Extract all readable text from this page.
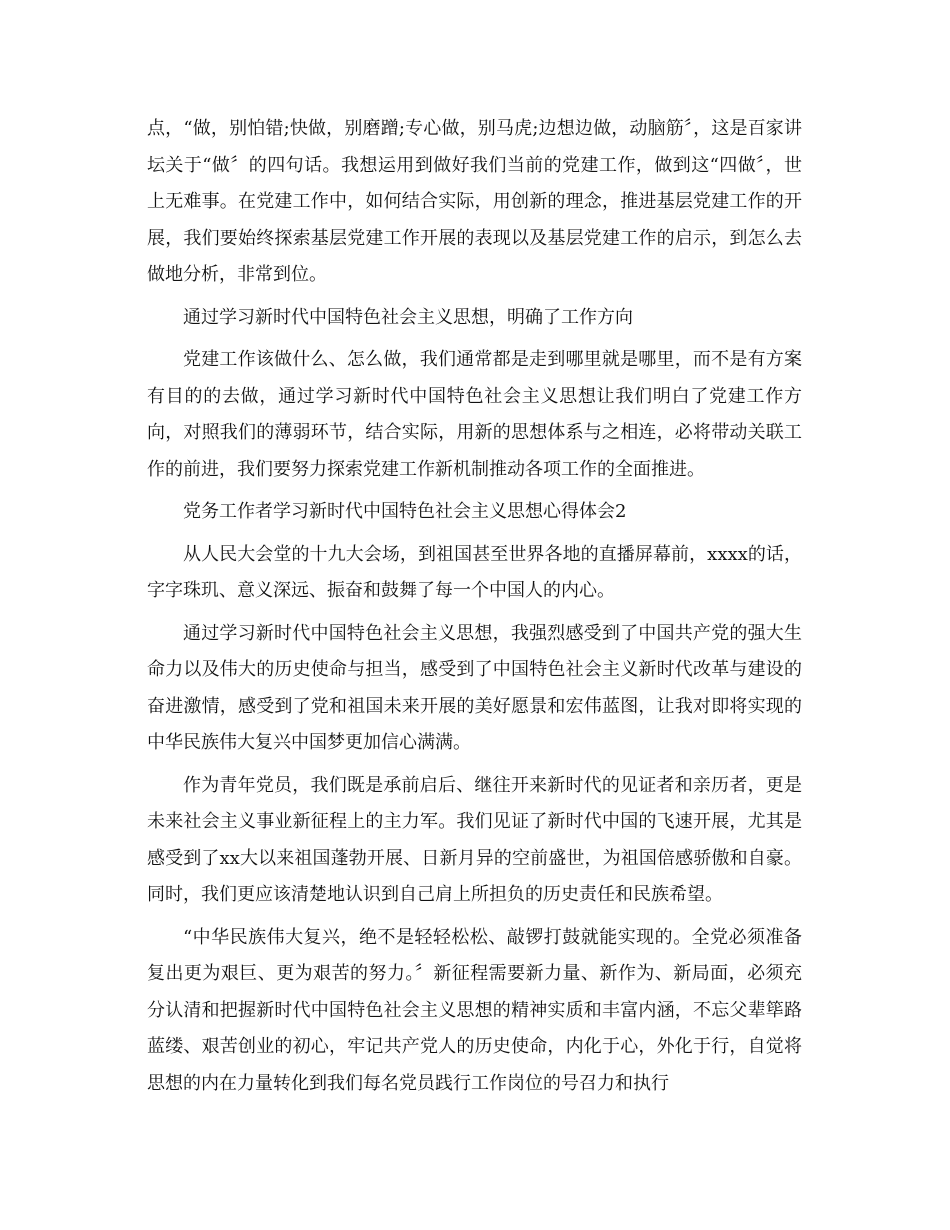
点，“做，别怕错;快做，别磨蹭;专心做，别马虎;边想边做，动脑筋〞，这是百家讲坛关于“做〞的四句话。我想运用到做好我们当前的党建工作，做到这“四做〞，世上无难事。在党建工作中，如何结合实际，用创新的理念，推进基层党建工作的开展，我们要始终探索基层党建工作开展的表现以及基层党建工作的启示，到怎么去做地分析，非常到位。

通过学习新时代中国特色社会主义思想，明确了工作方向

党建工作该做什么、怎么做，我们通常都是走到哪里就是哪里，而不是有方案有目的的去做，通过学习新时代中国特色社会主义思想让我们明白了党建工作方向，对照我们的薄弱环节，结合实际，用新的思想体系与之相连，必将带动关联工作的前进，我们要努力探索党建工作新机制推动各项工作的全面推进。

党务工作者学习新时代中国特色社会主义思想心得体会2

从人民大会堂的十九大会场，到祖国甚至世界各地的直播屏幕前，xxxx的话，字字珠玑、意义深远、振奋和鼓舞了每一个中国人的内心。

通过学习新时代中国特色社会主义思想，我强烈感受到了中国共产党的强大生命力以及伟大的历史使命与担当，感受到了中国特色社会主义新时代改革与建设的奋进激情，感受到了党和祖国未来开展的美好愿景和宏伟蓝图，让我对即将实现的中华民族伟大复兴中国梦更加信心满满。

作为青年党员，我们既是承前启后、继往开来新时代的见证者和亲历者，更是未来社会主义事业新征程上的主力军。我们见证了新时代中国的飞速开展，尤其是感受到了xx大以来祖国蓬勃开展、日新月异的空前盛世，为祖国倍感骄傲和自豪。同时，我们更应该清楚地认识到自己肩上所担负的历史责任和民族希望。

“中华民族伟大复兴，绝不是轻轻松松、敲锣打鼓就能实现的。全党必须准备复出更为艰巨、更为艰苦的努力。〞新征程需要新力量、新作为、新局面，必须充分认清和把握新时代中国特色社会主义思想的精神实质和丰富内涵，不忘父辈筚路蓝缕、艰苦创业的初心，牢记共产党人的历史使命，内化于心，外化于行，自觉将思想的内在力量转化到我们每名党员践行工作岗位的号召力和执行
